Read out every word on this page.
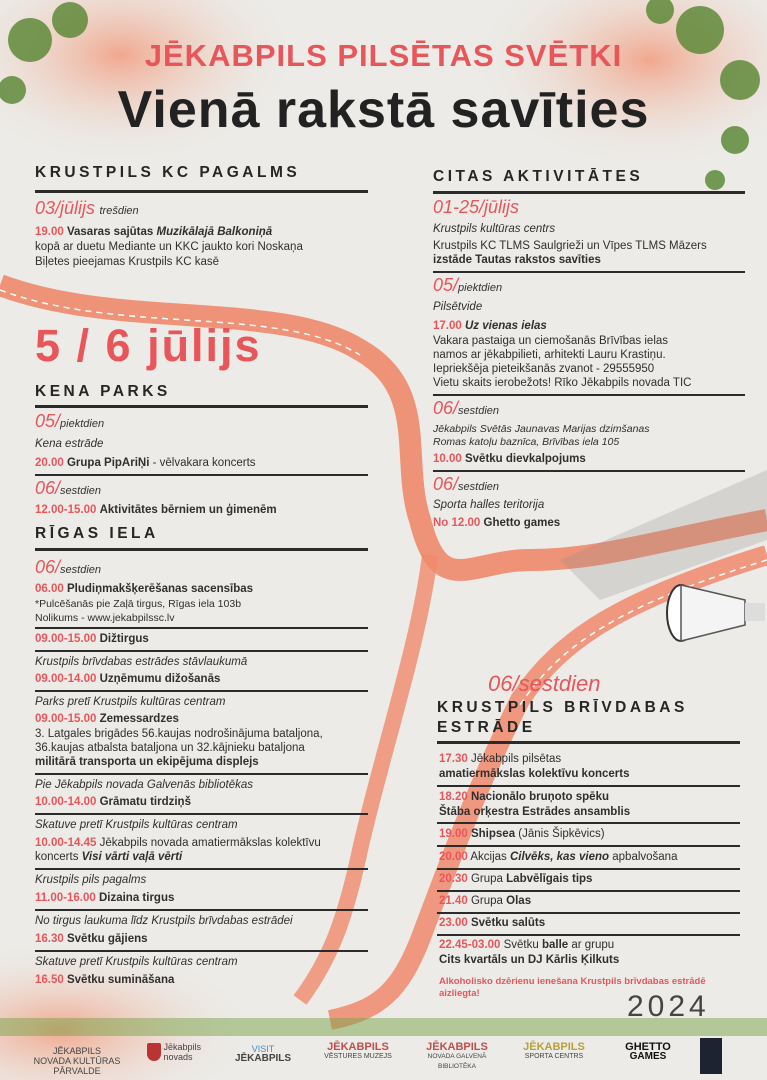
JĒKABPILS PILSĒTAS SVĒTKI
Vienā rakstā savīties
KRUSTPILS KC PAGALMS
03/jūlijs trešdien
19.00 Vasaras sajūtas Muzikālajā Balkoniņā
kopā ar duetu Mediante un KKC jaukto kori Noskaņa
Biļetes pieejamas Krustpils KC kasē
5 / 6 jūlijs
KENA PARKS
05/piektdien
Kena estrāde
20.00 Grupa PipAriŅi - vēlvakara koncerts
06/sestdien
12.00-15.00 Aktivitātes bērniem un ģimenēm
RĪGAS IELA
06/sestdien
06.00 Pludiņmakšķerēšanas sacensības
*Pulcēšanās pie Zaļā tirgus, Rīgas iela 103b
Nolikums - www.jekabpilssc.lv
09.00-15.00 Dižtirgus
Krustpils brīvdabas estrādes stāvlaukumā
09.00-14.00 Uzņēmumu dižošanās
Parks pretī Krustpils kultūras centram
09.00-15.00 Zemessardzes
3. Latgales brigādes 56.kaujas nodrošinājuma bataljona,
36.kaujas atbalsta bataljona un 32.kājnieku bataljona
militārā transporta un ekipējuma displejs
Pie Jēkabpils novada Galvenās bibliotēkas
10.00-14.00 Grāmatu tirdziņš
Skatuve pretī Krustpils kultūras centram
10.00-14.45 Jēkabpils novada amatiermākslas kolektīvu
koncerts Visi vārti vaļā vērti
Krustpils pils pagalms
11.00-16.00 Dizaina tirgus
No tirgus laukuma līdz Krustpils brīvdabas estrādei
16.30 Svētku gājiens
Skatuve pretī Krustpils kultūras centram
16.50 Svētku sumināšana
CITAS AKTIVITĀTES
01-25/jūlijs
Krustpils kultūras centrs
Krustpils KC TLMS Saulgrieži un Vīpes TLMS Māzers
izstāde Tautas rakstos savīties
05/piektdien
Pilsētvide
17.00 Uz vienas ielas
Vakara pastaiga un ciemošanās Brīvības ielas
namos ar jēkabpilieti, arhitekti Lauru Krastiņu.
Iepriekšēja pieteikšanās zvanot - 29555950
Vietu skaits ierobežots! Rīko Jēkabpils novada TIC
06/sestdien
Jēkabpils Svētās Jaunavas Marijas dzimšanas
Romas katoļu baznīca, Brīvības iela 105
10.00 Svētku dievkalpojums
06/sestdien
Sporta halles teritorija
No 12.00 Ghetto games
06/sestdien
KRUSTPILS BRĪVDABAS
ESTRĀDE
17.30 Jēkabpils pilsētas
amatiermākslas kolektīvu koncerts
18.20 Nacionālo bruņoto spēku
Štāba orķestra Estrādes ansamblis
19.00 Shipsea (Jānis Šipkēvics)
20.00 Akcijas Cilvēks, kas vieno apbalvošana
20.30 Grupa Labvēlīgais tips
21.40 Grupa Olas
23.00 Svētku salūts
22.45-03.00 Svētku balle ar grupu
Cits kvartāls un DJ Kārlis Ķilkuts
Alkoholisko dzērienu ienešana Krustpils brīvdabas estrādē
aizliegta!	2024
JĒKABPILS
NOVADA KULTŪRAS
PĀRVALDE

Jēkabpils
novads
VISIT
JĒKABPILS
JĒKABPILS
VĒSTURES MUZEJS
JĒKABPILS
NOVADA GALVENĀ BIBLIOTĒKA
JĒKABPILS
SPORTA CENTRS
GHETTO
GAMES
